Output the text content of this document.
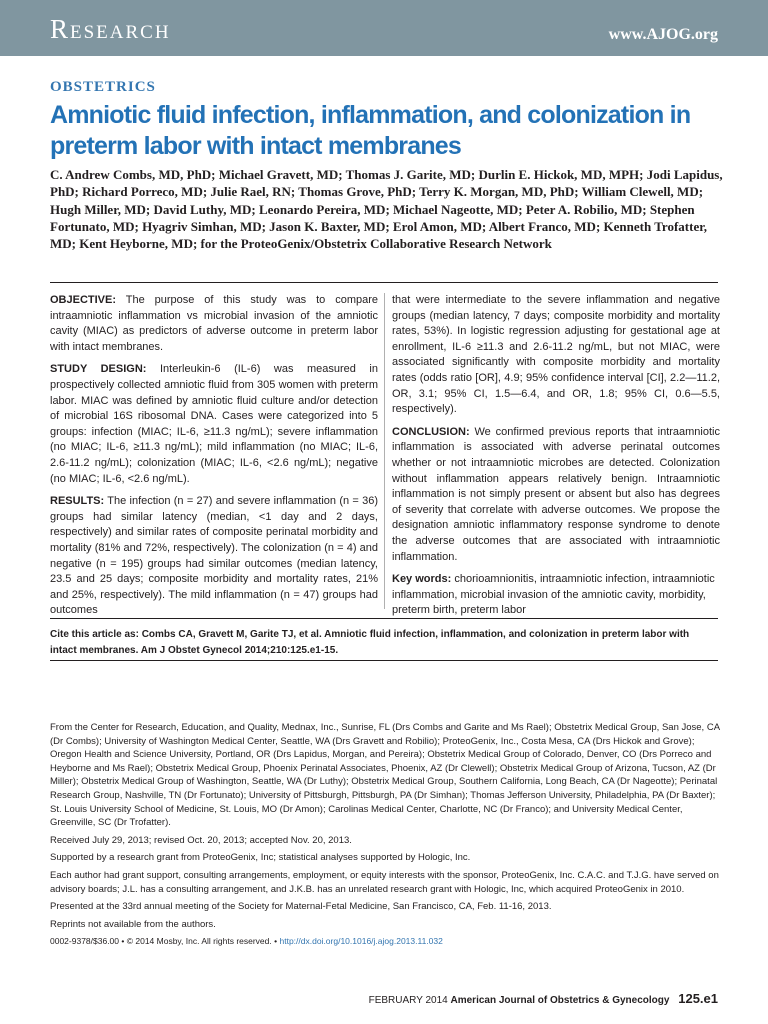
Research	www.AJOG.org
OBSTETRICS
Amniotic fluid infection, inflammation, and colonization in preterm labor with intact membranes
C. Andrew Combs, MD, PhD; Michael Gravett, MD; Thomas J. Garite, MD; Durlin E. Hickok, MD, MPH; Jodi Lapidus, PhD; Richard Porreco, MD; Julie Rael, RN; Thomas Grove, PhD; Terry K. Morgan, MD, PhD; William Clewell, MD; Hugh Miller, MD; David Luthy, MD; Leonardo Pereira, MD; Michael Nageotte, MD; Peter A. Robilio, MD; Stephen Fortunato, MD; Hyagriv Simhan, MD; Jason K. Baxter, MD; Erol Amon, MD; Albert Franco, MD; Kenneth Trofatter, MD; Kent Heyborne, MD; for the ProteoGenix/Obstetrix Collaborative Research Network

OBJECTIVE: The purpose of this study was to compare intraamniotic inflammation vs microbial invasion of the amniotic cavity (MIAC) as predictors of adverse outcome in preterm labor with intact membranes.

STUDY DESIGN: Interleukin-6 (IL-6) was measured in prospectively collected amniotic fluid from 305 women with preterm labor. MIAC was defined by amniotic fluid culture and/or detection of microbial 16S ribosomal DNA. Cases were categorized into 5 groups: infection (MIAC; IL-6, ≥11.3 ng/mL); severe inflammation (no MIAC; IL-6, ≥11.3 ng/mL); mild inflammation (no MIAC; IL-6, 2.6-11.2 ng/mL); colonization (MIAC; IL-6, <2.6 ng/mL); negative (no MIAC; IL-6, <2.6 ng/mL).

RESULTS: The infection (n = 27) and severe inflammation (n = 36) groups had similar latency (median, <1 day and 2 days, respectively) and similar rates of composite perinatal morbidity and mortality (81% and 72%, respectively). The colonization (n = 4) and negative (n = 195) groups had similar outcomes (median latency, 23.5 and 25 days; composite morbidity and mortality rates, 21% and 25%, respectively). The mild inflammation (n = 47) groups had outcomes

that were intermediate to the severe inflammation and negative groups (median latency, 7 days; composite morbidity and mortality rates, 53%). In logistic regression adjusting for gestational age at enrollment, IL-6 ≥11.3 and 2.6-11.2 ng/mL, but not MIAC, were associated significantly with composite morbidity and mortality rates (odds ratio [OR], 4.9; 95% confidence interval [CI], 2.2—11.2, OR, 3.1; 95% CI, 1.5—6.4, and OR, 1.8; 95% CI, 0.6—5.5, respectively).

CONCLUSION: We confirmed previous reports that intraamniotic inflammation is associated with adverse perinatal outcomes whether or not intraamniotic microbes are detected. Colonization without inflammation appears relatively benign. Intraamniotic inflammation is not simply present or absent but also has degrees of severity that correlate with adverse outcomes. We propose the designation amniotic inflammatory response syndrome to denote the adverse outcomes that are associated with intraamniotic inflammation.

Key words: chorioamnionitis, intraamniotic infection, intraamniotic inflammation, microbial invasion of the amniotic cavity, morbidity, preterm birth, preterm labor

Cite this article as: Combs CA, Gravett M, Garite TJ, et al. Amniotic fluid infection, inflammation, and colonization in preterm labor with intact membranes. Am J Obstet Gynecol 2014;210:125.e1-15.

From the Center for Research, Education, and Quality, Mednax, Inc., Sunrise, FL (Drs Combs and Garite and Ms Rael); Obstetrix Medical Group, San Jose, CA (Dr Combs); University of Washington Medical Center, Seattle, WA (Drs Gravett and Robilio); ProteoGenix, Inc., Costa Mesa, CA (Drs Hickok and Grove); Oregon Health and Science University, Portland, OR (Drs Lapidus, Morgan, and Pereira); Obstetrix Medical Group of Colorado, Denver, CO (Drs Porreco and Heyborne and Ms Rael); Obstetrix Medical Group, Phoenix Perinatal Associates, Phoenix, AZ (Dr Clewell); Obstetrix Medical Group of Arizona, Tucson, AZ (Dr Miller); Obstetrix Medical Group of Washington, Seattle, WA (Dr Luthy); Obstetrix Medical Group, Southern California, Long Beach, CA (Dr Nageotte); Perinatal Research Group, Nashville, TN (Dr Fortunato); University of Pittsburgh, Pittsburgh, PA (Dr Simhan); Thomas Jefferson University, Philadelphia, PA (Dr Baxter); St. Louis University School of Medicine, St. Louis, MO (Dr Amon); Carolinas Medical Center, Charlotte, NC (Dr Franco); and University Medical Center, Greenville, SC (Dr Trofatter).

Received July 29, 2013; revised Oct. 20, 2013; accepted Nov. 20, 2013.

Supported by a research grant from ProteoGenix, Inc; statistical analyses supported by Hologic, Inc.

Each author had grant support, consulting arrangements, employment, or equity interests with the sponsor, ProteoGenix, Inc. C.A.C. and T.J.G. have served on advisory boards; J.L. has a consulting arrangement, and J.K.B. has an unrelated research grant with Hologic, Inc, which acquired ProteoGenix in 2010.

Presented at the 33rd annual meeting of the Society for Maternal-Fetal Medicine, San Francisco, CA, Feb. 11-16, 2013.

Reprints not available from the authors.

0002-9378/$36.00 • © 2014 Mosby, Inc. All rights reserved. • http://dx.doi.org/10.1016/j.ajog.2013.11.032

FEBRUARY 2014 American Journal of Obstetrics & Gynecology 125.e1
